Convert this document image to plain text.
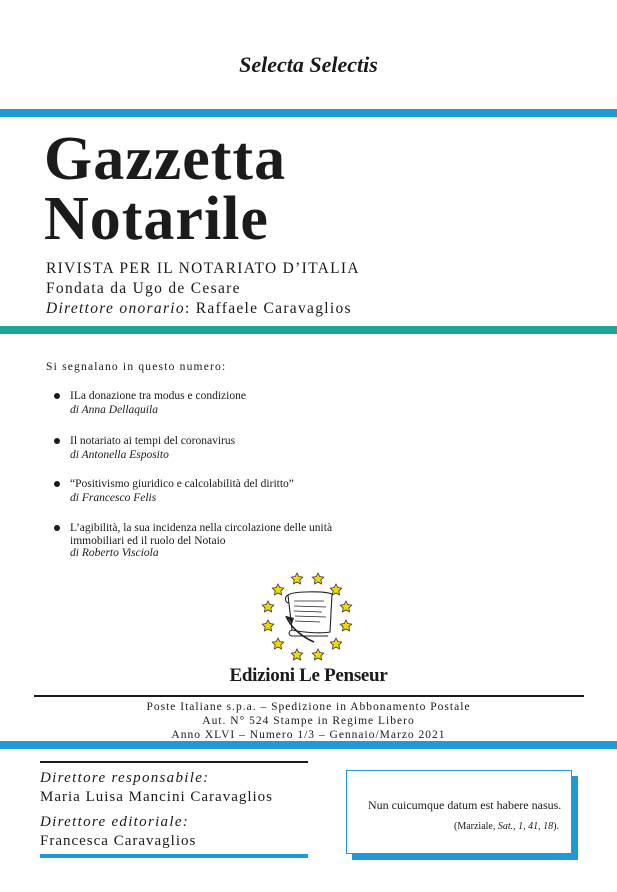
Selecta Selectis
Gazzetta
Notarile
RIVISTA PER IL NOTARIATO D’ITALIA
Fondata da Ugo de Cesare
Direttore onorario: Raffaele Caravaglios
Si segnalano in questo numero:
ILa donazione tra modus e condizione
di Anna Dellaquila
Il notariato ai tempi del coronavirus
di Antonella Esposito
“Positivismo giuridico e calcolabilità del diritto”
di Francesco Felis
L’agibilità, la sua incidenza nella circolazione delle unità
immobiliari ed il ruolo del Notaio
di Roberto Visciola
Edizioni Le Penseur
Poste Italiane s.p.a. – Spedizione in Abbonamento Postale
Aut. N° 524 Stampe in Regime Libero
Anno XLVI – Numero 1/3 – Gennaio/Marzo 2021
Direttore responsabile:
Maria Luisa Mancini Caravaglios
Direttore editoriale:
Francesca Caravaglios
Nun cuicumque datum est habere nasus.
(Marziale, Sat., 1, 41, 18).
